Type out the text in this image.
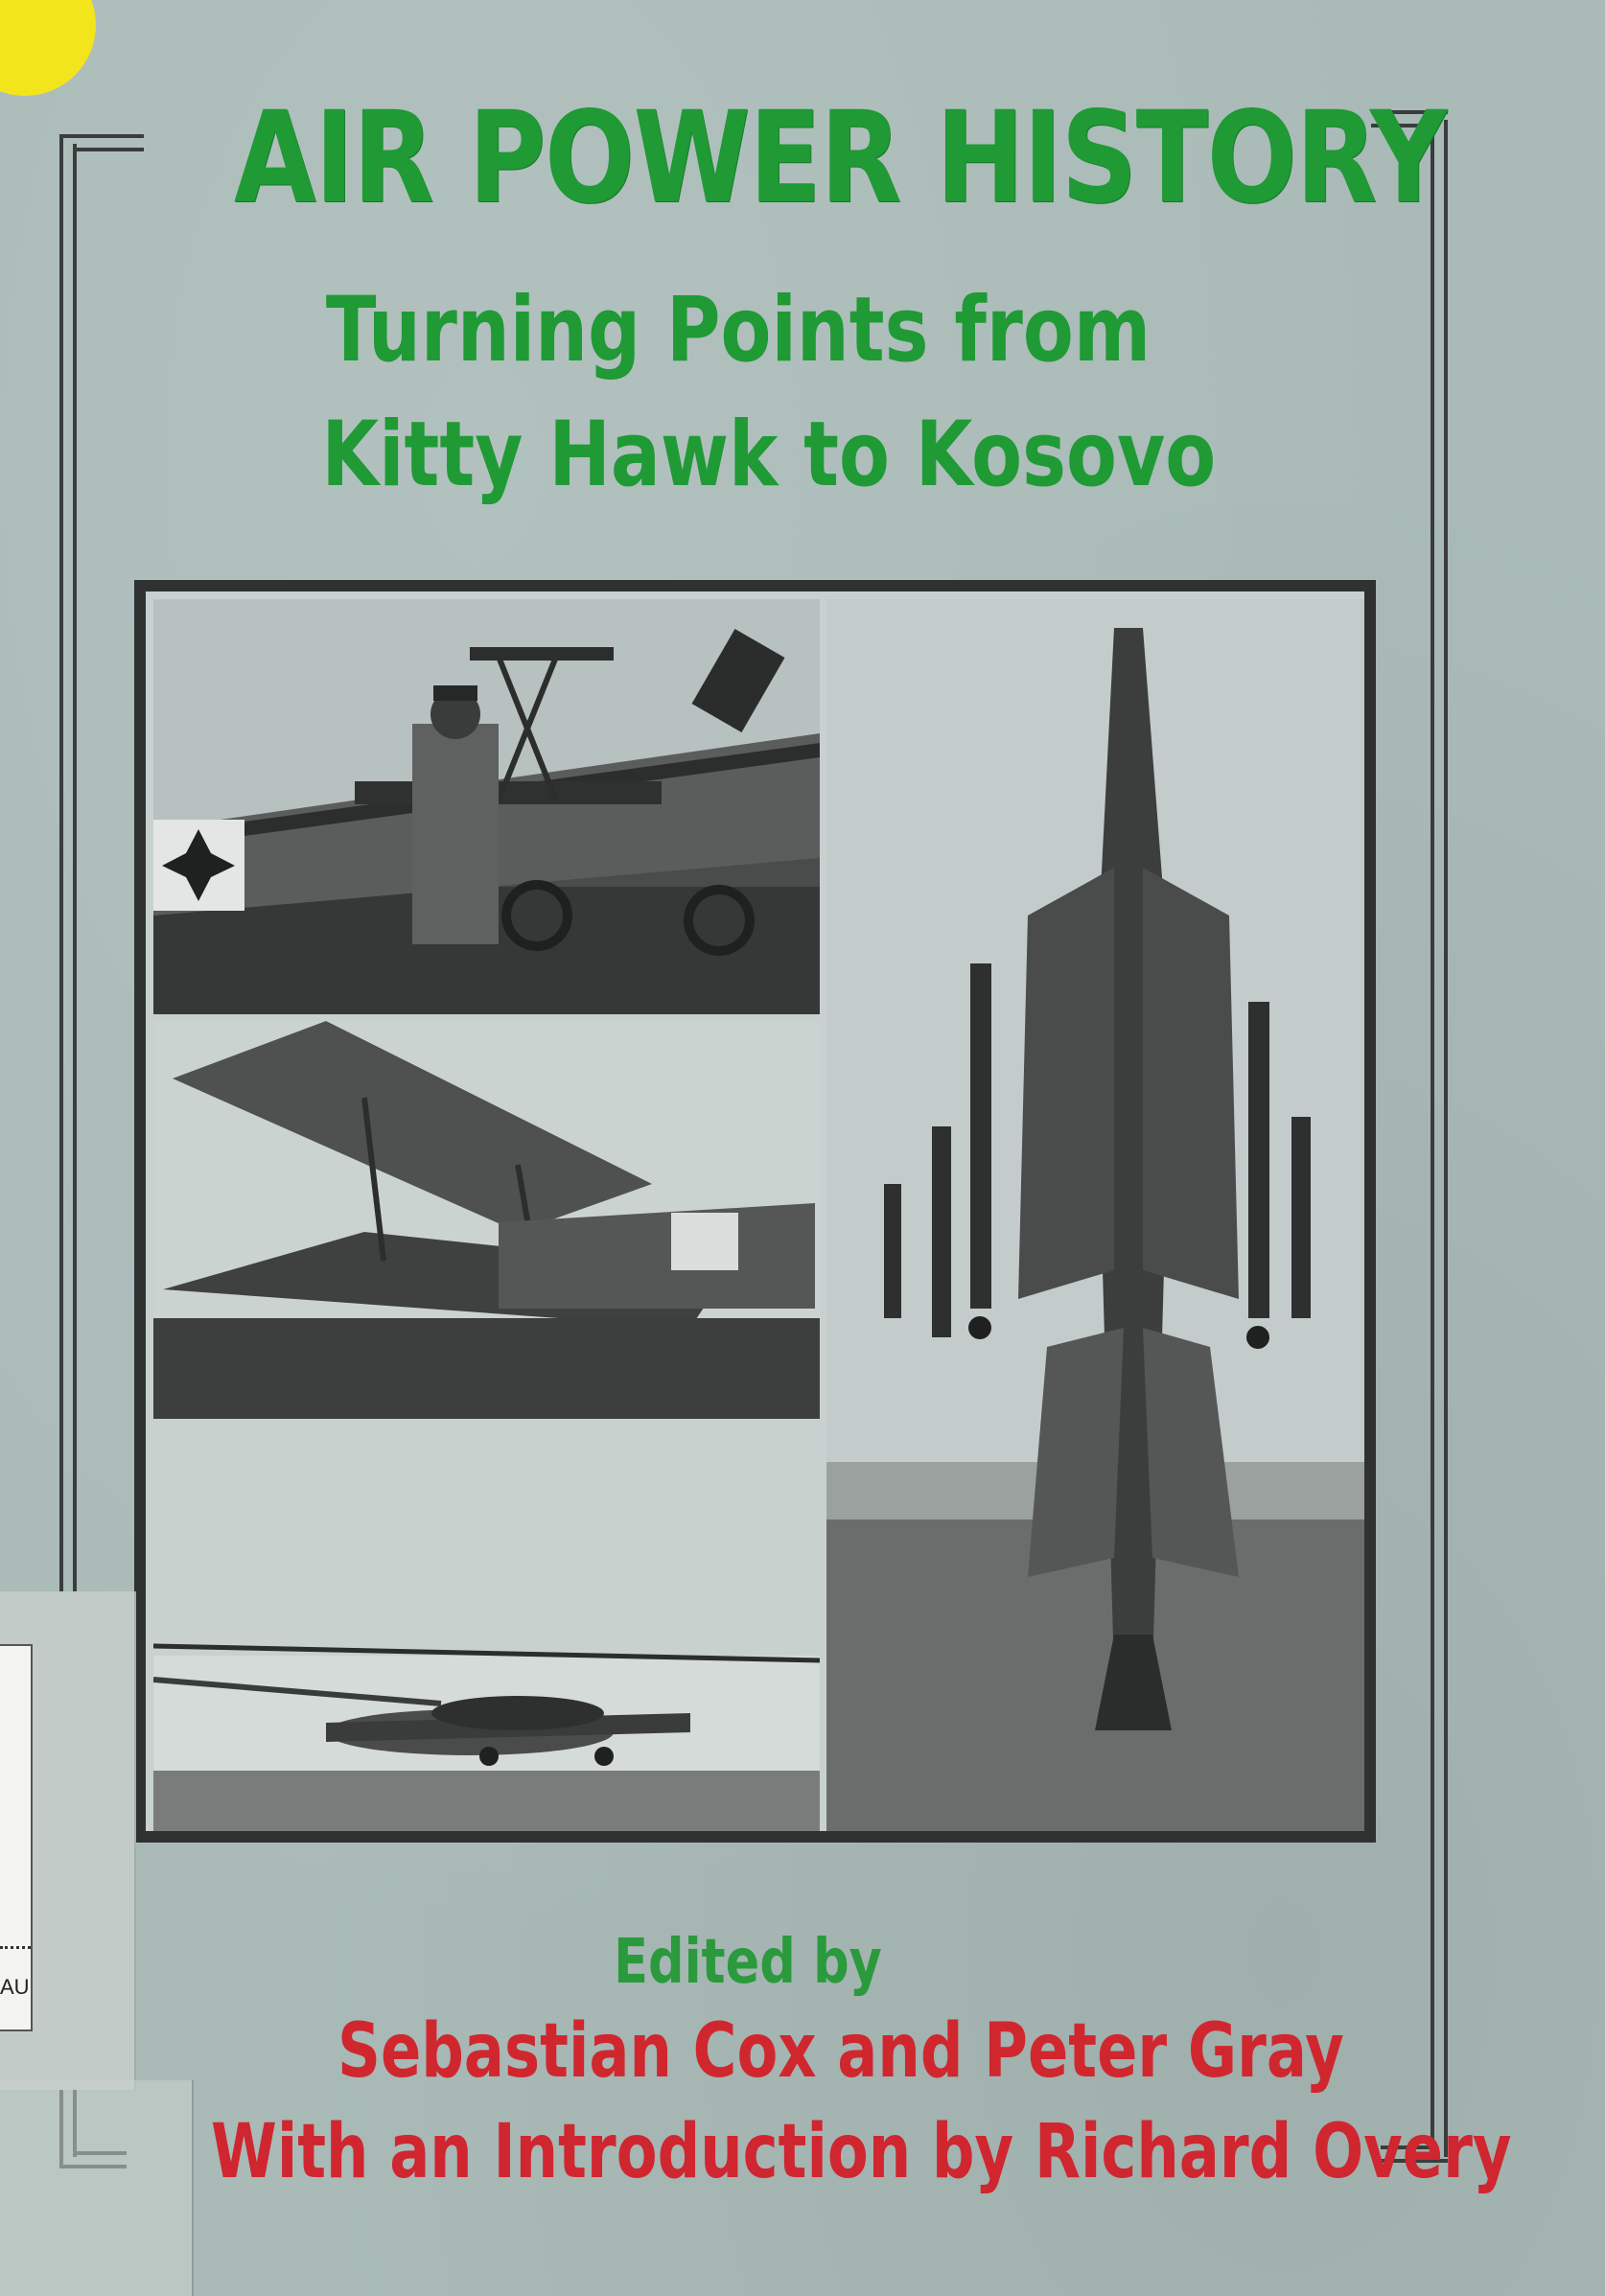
AIR POWER HISTORY
Turning Points from
Kitty Hawk to Kosovo
Edited by
Sebastian Cox and Peter Gray
With an Introduction by Richard Overy
AU
